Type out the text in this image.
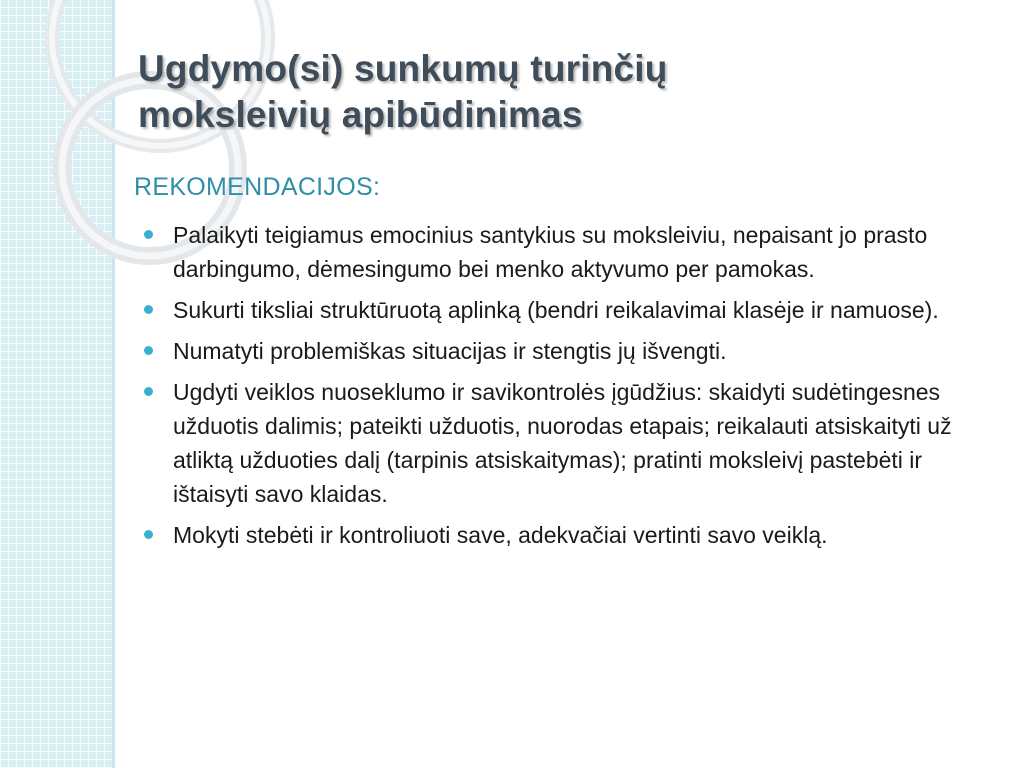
Ugdymo(si) sunkumų turinčių
moksleivių apibūdinimas
REKOMENDACIJOS:
Palaikyti teigiamus emocinius santykius su moksleiviu, nepaisant jo prasto darbingumo, dėmesingumo bei menko aktyvumo per pamokas.
Sukurti tiksliai struktūruotą aplinką (bendri reikalavimai klasėje ir namuose).
Numatyti problemiškas situacijas ir stengtis jų išvengti.
Ugdyti veiklos nuoseklumo ir savikontrolės įgūdžius: skaidyti sudėtingesnes užduotis dalimis; pateikti užduotis, nuorodas etapais; reikalauti atsiskaityti už atliktą užduoties dalį (tarpinis atsiskaitymas); pratinti moksleivį pastebėti ir ištaisyti savo klaidas.
Mokyti stebėti ir kontroliuoti save, adekvačiai vertinti savo veiklą.
